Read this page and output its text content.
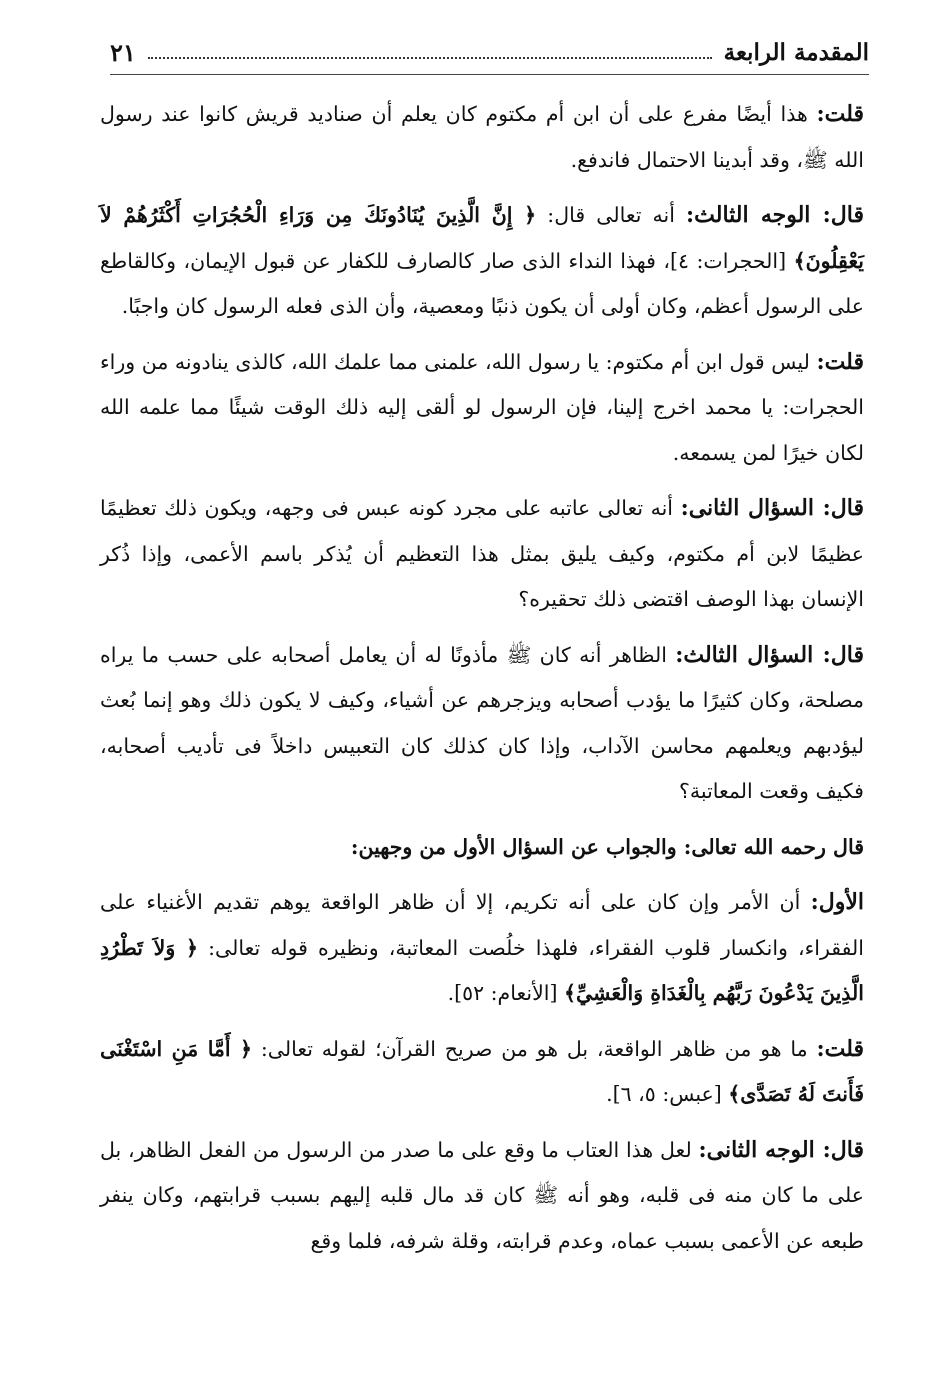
المقدمة الرابعة
٢١

قلت: هذا أيضًا مفرع على أن ابن أم مكتوم كان يعلم أن صناديد قريش كانوا عند رسول الله ﷺ، وقد أبدينا الاحتمال فاندفع.

قال: الوجه الثالث: أنه تعالى قال: ﴿ إِنَّ الَّذِينَ يُنَادُونَكَ مِن وَرَاءِ الْحُجُرَاتِ أَكْثَرُهُمْ لاَ يَعْقِلُونَ﴾ [الحجرات: ٤]، فهذا النداء الذى صار كالصارف للكفار عن قبول الإيمان، وكالقاطع على الرسول أعظم، وكان أولى أن يكون ذنبًا ومعصية، وأن الذى فعله الرسول كان واجبًا.

قلت: ليس قول ابن أم مكتوم: يا رسول الله، علمنى مما علمك الله، كالذى ينادونه من وراء الحجرات: يا محمد اخرج إلينا، فإن الرسول لو ألقى إليه ذلك الوقت شيئًا مما علمه الله لكان خيرًا لمن يسمعه.

قال: السؤال الثانى: أنه تعالى عاتبه على مجرد كونه عبس فى وجهه، ويكون ذلك تعظيمًا عظيمًا لابن أم مكتوم، وكيف يليق بمثل هذا التعظيم أن يُذكر باسم الأعمى، وإذا ذُكر الإنسان بهذا الوصف اقتضى ذلك تحقيره؟

قال: السؤال الثالث: الظاهر أنه كان ﷺ مأذونًا له أن يعامل أصحابه على حسب ما يراه مصلحة، وكان كثيرًا ما يؤدب أصحابه ويزجرهم عن أشياء، وكيف لا يكون ذلك وهو إنما بُعث ليؤدبهم ويعلمهم محاسن الآداب، وإذا كان كذلك كان التعبيس داخلاً فى تأديب أصحابه، فكيف وقعت المعاتبة؟

قال رحمه الله تعالى: والجواب عن السؤال الأول من وجهين:

الأول: أن الأمر وإن كان على أنه تكريم، إلا أن ظاهر الواقعة يوهم تقديم الأغنياء على الفقراء، وانكسار قلوب الفقراء، فلهذا خلُصت المعاتبة، ونظيره قوله تعالى: ﴿ وَلاَ تَطْرُدِ الَّذِينَ يَدْعُونَ رَبَّهُم بِالْغَدَاةِ وَالْعَشِيِّ﴾ [الأنعام: ٥٢].

قلت: ما هو من ظاهر الواقعة، بل هو من صريح القرآن؛ لقوله تعالى: ﴿ أَمَّا مَنِ اسْتَغْنَى فَأَنتَ لَهُ تَصَدَّى﴾ [عبس: ٥، ٦].

قال: الوجه الثانى: لعل هذا العتاب ما وقع على ما صدر من الرسول من الفعل الظاهر، بل على ما كان منه فى قلبه، وهو أنه ﷺ كان قد مال قلبه إليهم بسبب قرابتهم، وكان ينفر طبعه عن الأعمى بسبب عماه، وعدم قرابته، وقلة شرفه، فلما وقع
